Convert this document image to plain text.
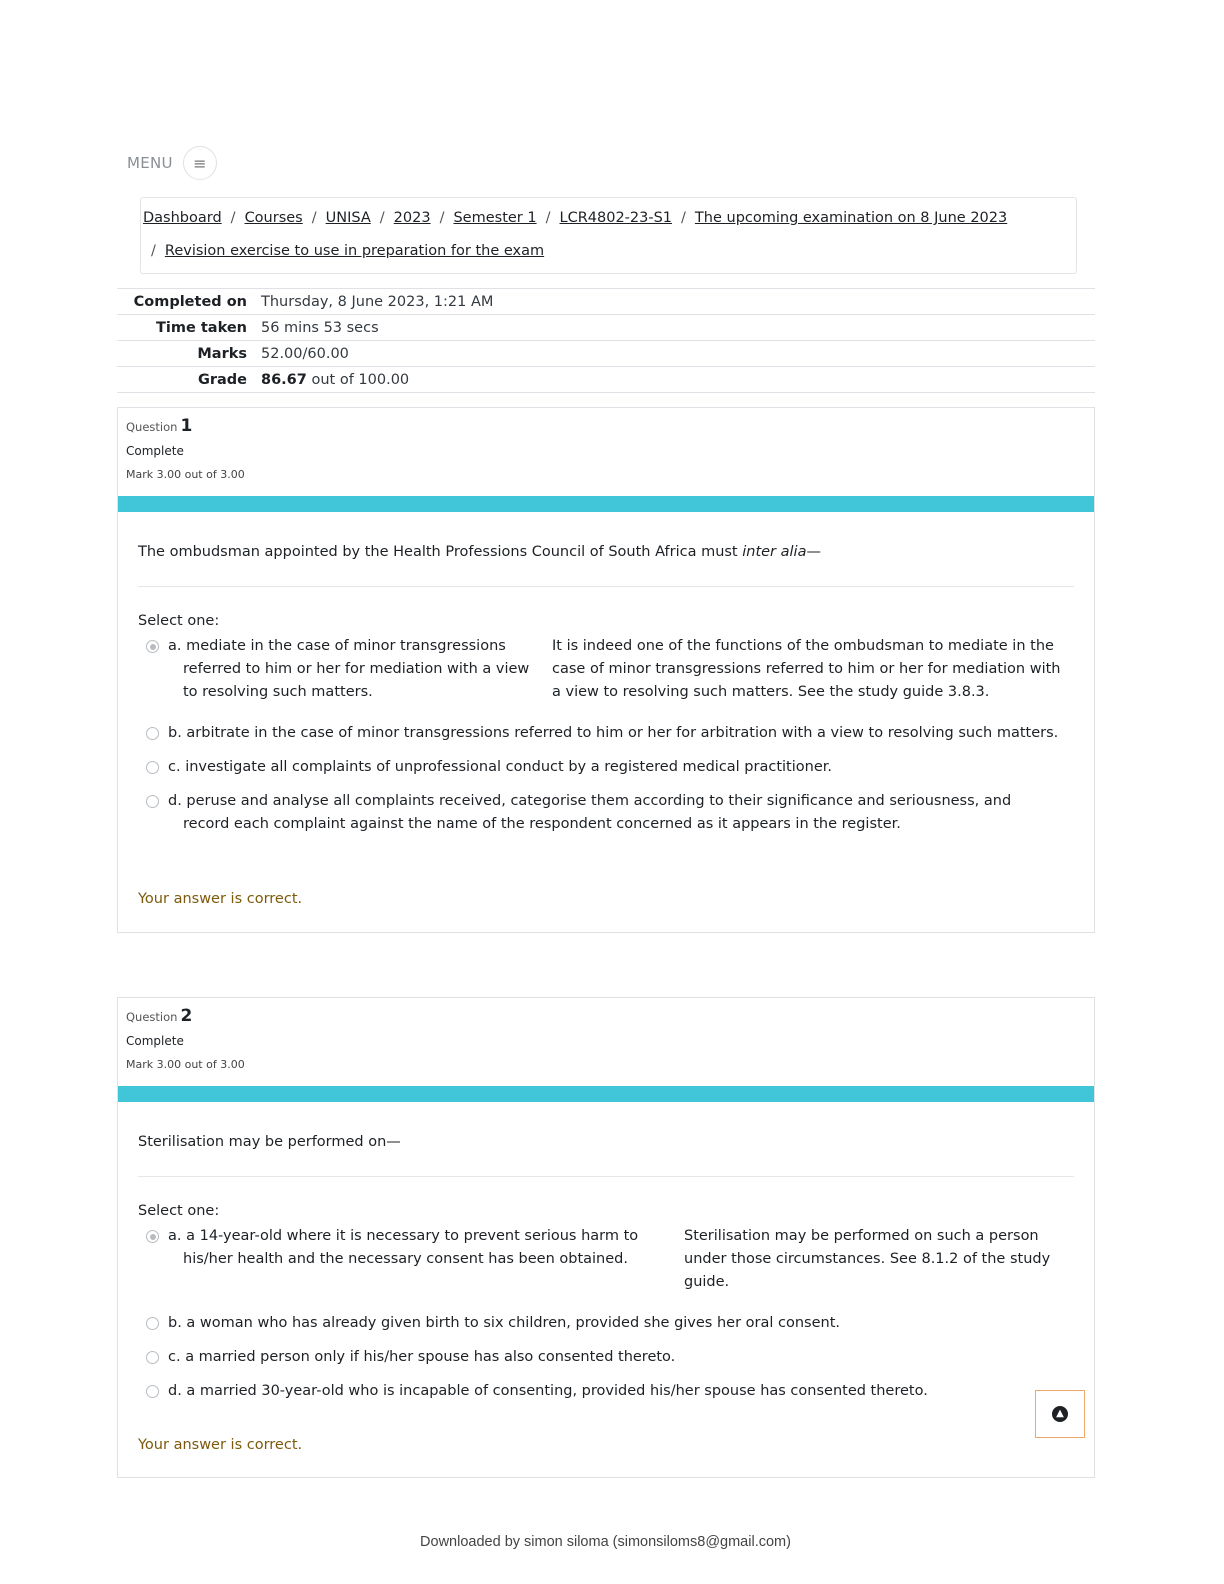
MENU	≡
Dashboard / Courses / UNISA / 2023 / Semester 1 / LCR4802-23-S1 / The upcoming examination on 8 June 2023
/ Revision exercise to use in preparation for the exam
Completed on	Thursday, 8 June 2023, 1:21 AM
Time taken	56 mins 53 secs
Marks	52.00/60.00
Grade	86.67 out of 100.00
Question 1
Complete
Mark 3.00 out of 3.00
The ombudsman appointed by the Health Professions Council of South Africa must inter alia—
Select one:
a. mediate in the case of minor transgressions referred to him or her for mediation with a view to resolving such matters.
It is indeed one of the functions of the ombudsman to mediate in the case of minor transgressions referred to him or her for mediation with a view to resolving such matters. See the study guide 3.8.3.
b. arbitrate in the case of minor transgressions referred to him or her for arbitration with a view to resolving such matters.
c. investigate all complaints of unprofessional conduct by a registered medical practitioner.
d. peruse and analyse all complaints received, categorise them according to their significance and seriousness, and record each complaint against the name of the respondent concerned as it appears in the register.
Your answer is correct.
Question 2
Complete
Mark 3.00 out of 3.00
Sterilisation may be performed on—
Select one:
a. a 14-year-old where it is necessary to prevent serious harm to his/her health and the necessary consent has been obtained.
Sterilisation may be performed on such a person under those circumstances. See 8.1.2 of the study guide.
b. a woman who has already given birth to six children, provided she gives her oral consent.
c. a married person only if his/her spouse has also consented thereto.
d. a married 30-year-old who is incapable of consenting, provided his/her spouse has consented thereto.
Your answer is correct.
▲
Downloaded by simon siloma (simonsiloms8@gmail.com)
